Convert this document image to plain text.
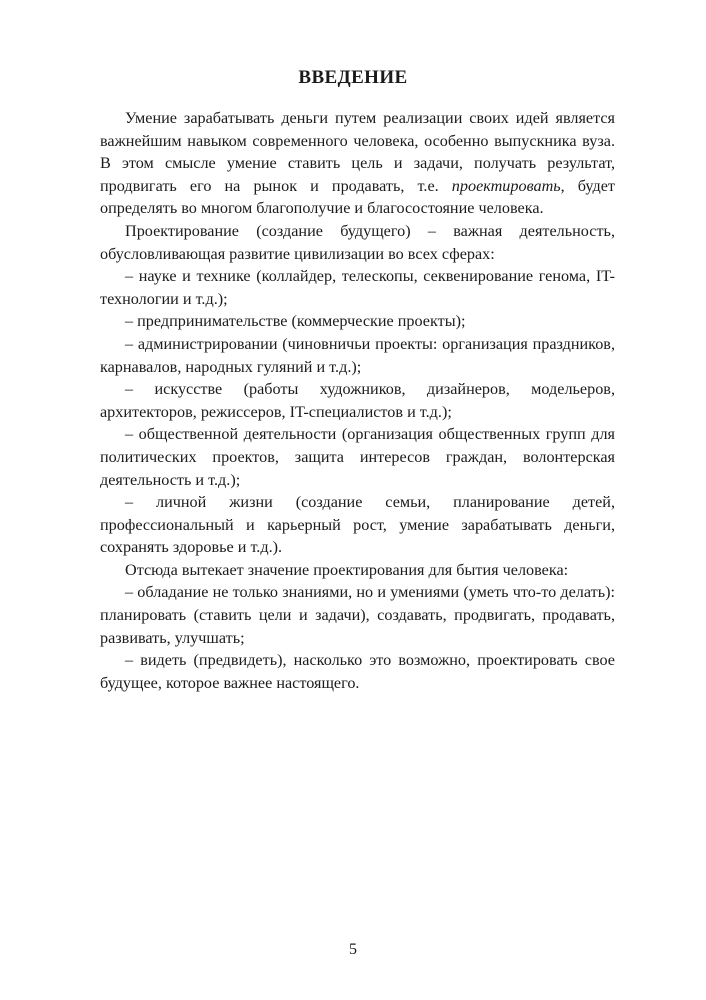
ВВЕДЕНИЕ

Умение зарабатывать деньги путем реализации своих идей является важнейшим навыком современного человека, особенно выпускника вуза. В этом смысле умение ставить цель и задачи, получать результат, продвигать его на рынок и продавать, т.е. проектировать, будет определять во многом благополучие и благосостояние человека.

Проектирование (создание будущего) – важная деятельность, обусловливающая развитие цивилизации во всех сферах:

– науке и технике (коллайдер, телескопы, секвенирование генома, IT-технологии и т.д.);

– предпринимательстве (коммерческие проекты);

– администрировании (чиновничьи проекты: организация праздников, карнавалов, народных гуляний и т.д.);

– искусстве (работы художников, дизайнеров, модельеров, архитекторов, режиссеров, IT-специалистов и т.д.);

– общественной деятельности (организация общественных групп для политических проектов, защита интересов граждан, волонтерская деятельность и т.д.);

– личной жизни (создание семьи, планирование детей, профессиональный и карьерный рост, умение зарабатывать деньги, сохранять здоровье и т.д.).

Отсюда вытекает значение проектирования для бытия человека:

– обладание не только знаниями, но и умениями (уметь что-то делать): планировать (ставить цели и задачи), создавать, продвигать, продавать, развивать, улучшать;

– видеть (предвидеть), насколько это возможно, проектировать свое будущее, которое важнее настоящего.

5
